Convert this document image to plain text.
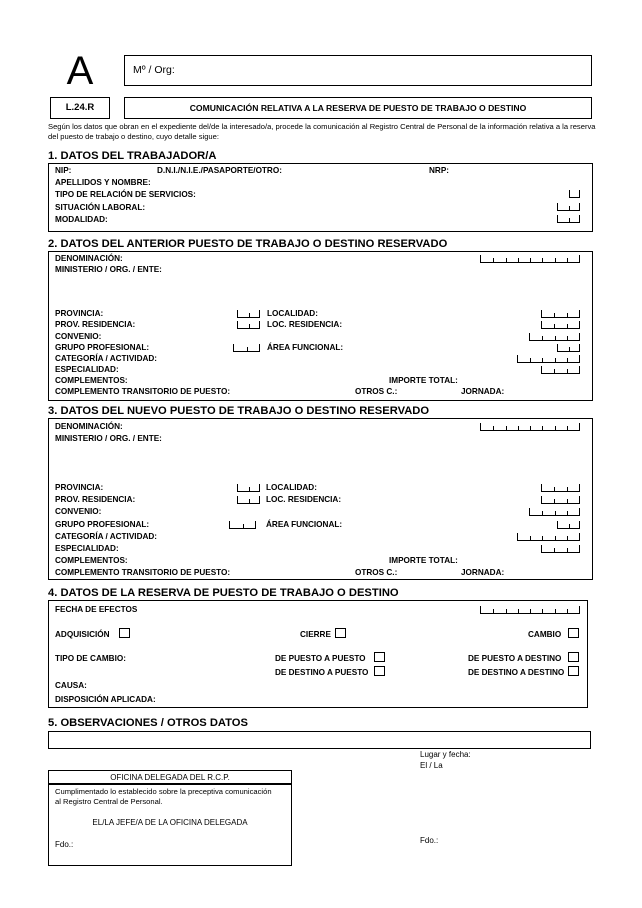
A	Mº / Org:
L.24.R	COMUNICACIÓN RELATIVA A LA RESERVA DE PUESTO DE TRABAJO O DESTINO
Según los datos que obran en el expediente del/de la interesado/a, procede la comunicación al Registro Central de Personal de la información relativa a la reserva del puesto de trabajo o destino, cuyo detalle sigue:
1. DATOS DEL TRABAJADOR/A
NIP:	D.N.I./N.I.E./PASAPORTE/OTRO:	NRP:
APELLIDOS Y NOMBRE:
TIPO DE RELACIÓN DE SERVICIOS:
SITUACIÓN LABORAL:
MODALIDAD:
2. DATOS DEL ANTERIOR PUESTO DE TRABAJO O DESTINO RESERVADO
DENOMINACIÓN:
MINISTERIO / ORG. / ENTE:
PROVINCIA:	LOCALIDAD:
PROV. RESIDENCIA:	LOC. RESIDENCIA:
CONVENIO:
GRUPO PROFESIONAL:	ÁREA FUNCIONAL:
CATEGORÍA / ACTIVIDAD:
ESPECIALIDAD:
COMPLEMENTOS:	IMPORTE TOTAL:
COMPLEMENTO TRANSITORIO DE PUESTO:	OTROS C.:	JORNADA:
3. DATOS DEL NUEVO PUESTO DE TRABAJO O DESTINO RESERVADO
DENOMINACIÓN:
MINISTERIO / ORG. / ENTE:
PROVINCIA:	LOCALIDAD:
PROV. RESIDENCIA:	LOC. RESIDENCIA:
CONVENIO:
GRUPO PROFESIONAL:	ÁREA FUNCIONAL:
CATEGORÍA / ACTIVIDAD:
ESPECIALIDAD:
COMPLEMENTOS:	IMPORTE TOTAL:
COMPLEMENTO TRANSITORIO DE PUESTO:	OTROS C.:	JORNADA:
4. DATOS DE LA RESERVA DE PUESTO DE TRABAJO O DESTINO
FECHA DE EFECTOS
ADQUISICIÓN	CIERRE	CAMBIO
TIPO DE CAMBIO:	DE PUESTO A PUESTO	DE PUESTO A DESTINO
DE DESTINO A PUESTO	DE DESTINO A DESTINO
CAUSA:
DISPOSICIÓN APLICADA:
5. OBSERVACIONES / OTROS DATOS
Lugar y fecha:
El / La
OFICINA DELEGADA DEL R.C.P.
Cumplimentado lo establecido sobre la preceptiva comunicación
al Registro Central de Personal.
EL/LA JEFE/A DE LA OFICINA DELEGADA
Fdo.:	Fdo.:
